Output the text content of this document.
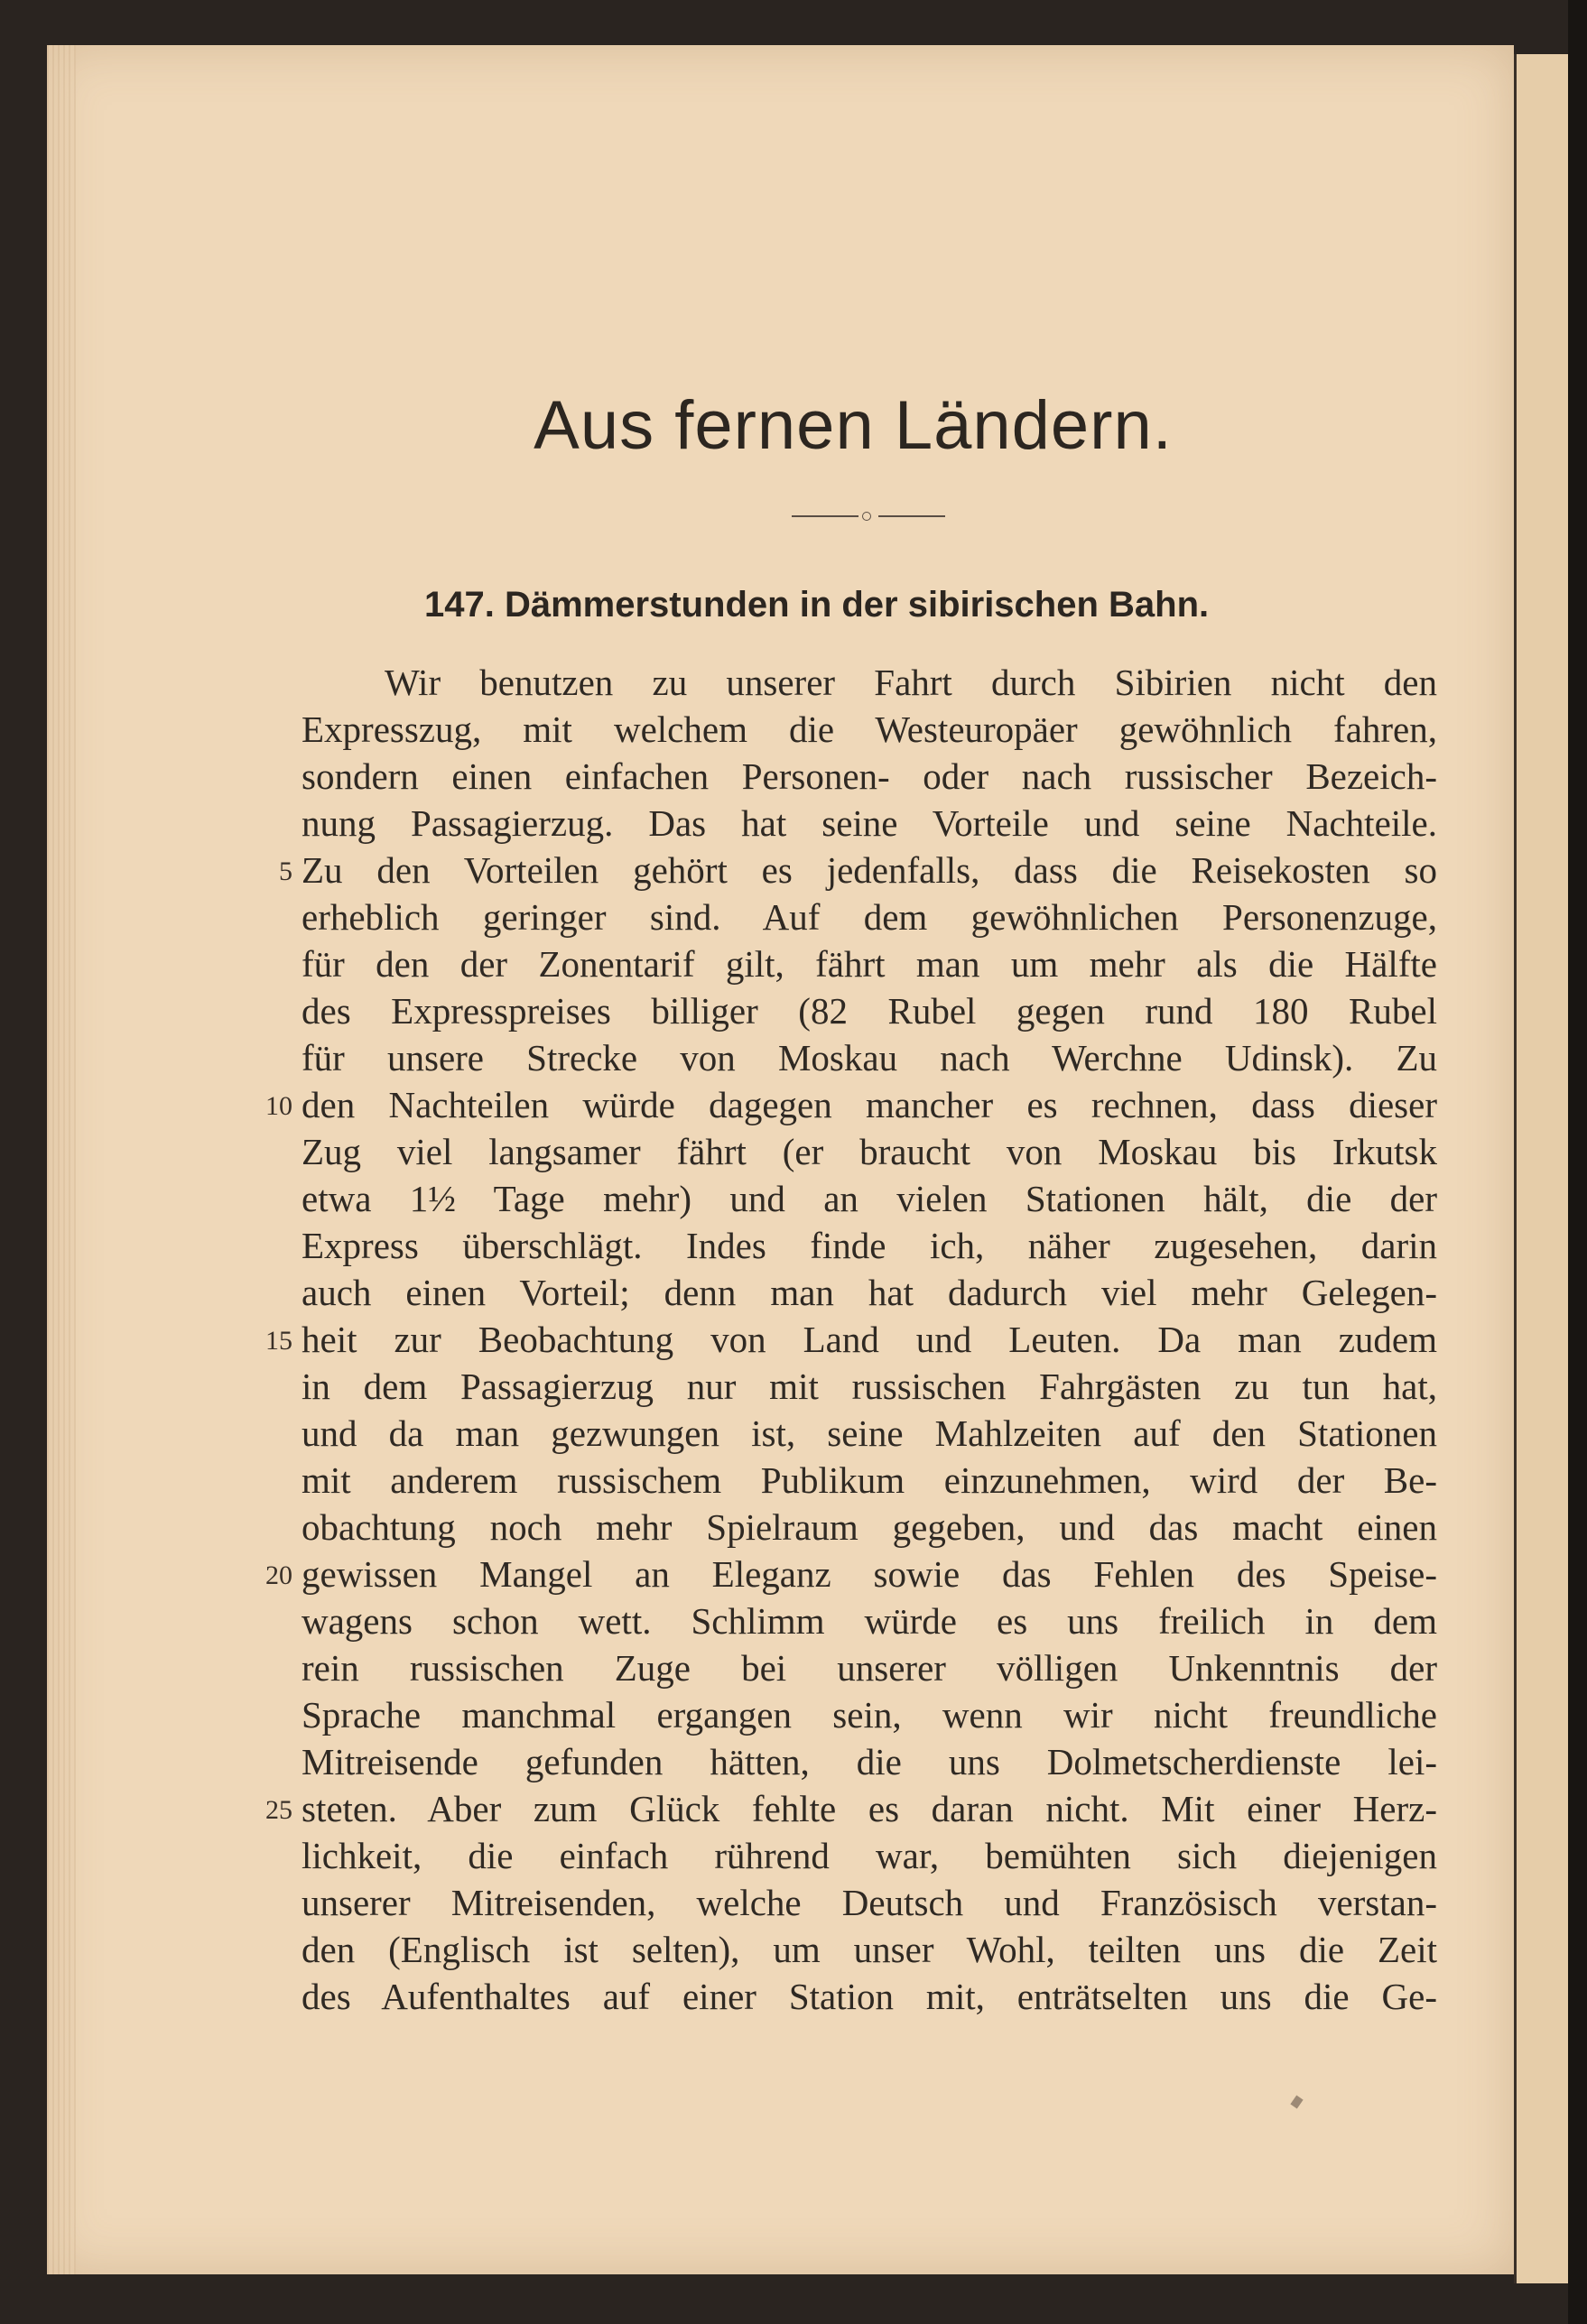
Aus fernen Ländern.
147. Dämmerstunden in der sibirischen Bahn.
Wir benutzen zu unserer Fahrt durch Sibirien nicht den
Expresszug, mit welchem die Westeuropäer gewöhnlich fahren,
sondern einen einfachen Personen- oder nach russischer Bezeich-
nung Passagierzug. Das hat seine Vorteile und seine Nachteile.
Zu den Vorteilen gehört es jedenfalls, dass die Reisekosten so
erheblich geringer sind. Auf dem gewöhnlichen Personenzuge,
für den der Zonentarif gilt, fährt man um mehr als die Hälfte
des Expresspreises billiger (82 Rubel gegen rund 180 Rubel
für unsere Strecke von Moskau nach Werchne Udinsk). Zu
den Nachteilen würde dagegen mancher es rechnen, dass dieser
Zug viel langsamer fährt (er braucht von Moskau bis Irkutsk
etwa 1½ Tage mehr) und an vielen Stationen hält, die der
Express überschlägt. Indes finde ich, näher zugesehen, darin
auch einen Vorteil; denn man hat dadurch viel mehr Gelegen-
heit zur Beobachtung von Land und Leuten. Da man zudem
in dem Passagierzug nur mit russischen Fahrgästen zu tun hat,
und da man gezwungen ist, seine Mahlzeiten auf den Stationen
mit anderem russischem Publikum einzunehmen, wird der Be-
obachtung noch mehr Spielraum gegeben, und das macht einen
gewissen Mangel an Eleganz sowie das Fehlen des Speise-
wagens schon wett. Schlimm würde es uns freilich in dem
rein russischen Zuge bei unserer völligen Unkenntnis der
Sprache manchmal ergangen sein, wenn wir nicht freundliche
Mitreisende gefunden hätten, die uns Dolmetscherdienste lei-
steten. Aber zum Glück fehlte es daran nicht. Mit einer Herz-
lichkeit, die einfach rührend war, bemühten sich diejenigen
unserer Mitreisenden, welche Deutsch und Französisch verstan-
den (Englisch ist selten), um unser Wohl, teilten uns die Zeit
des Aufenthaltes auf einer Station mit, enträtselten uns die Ge-
5
10
15
20
25
